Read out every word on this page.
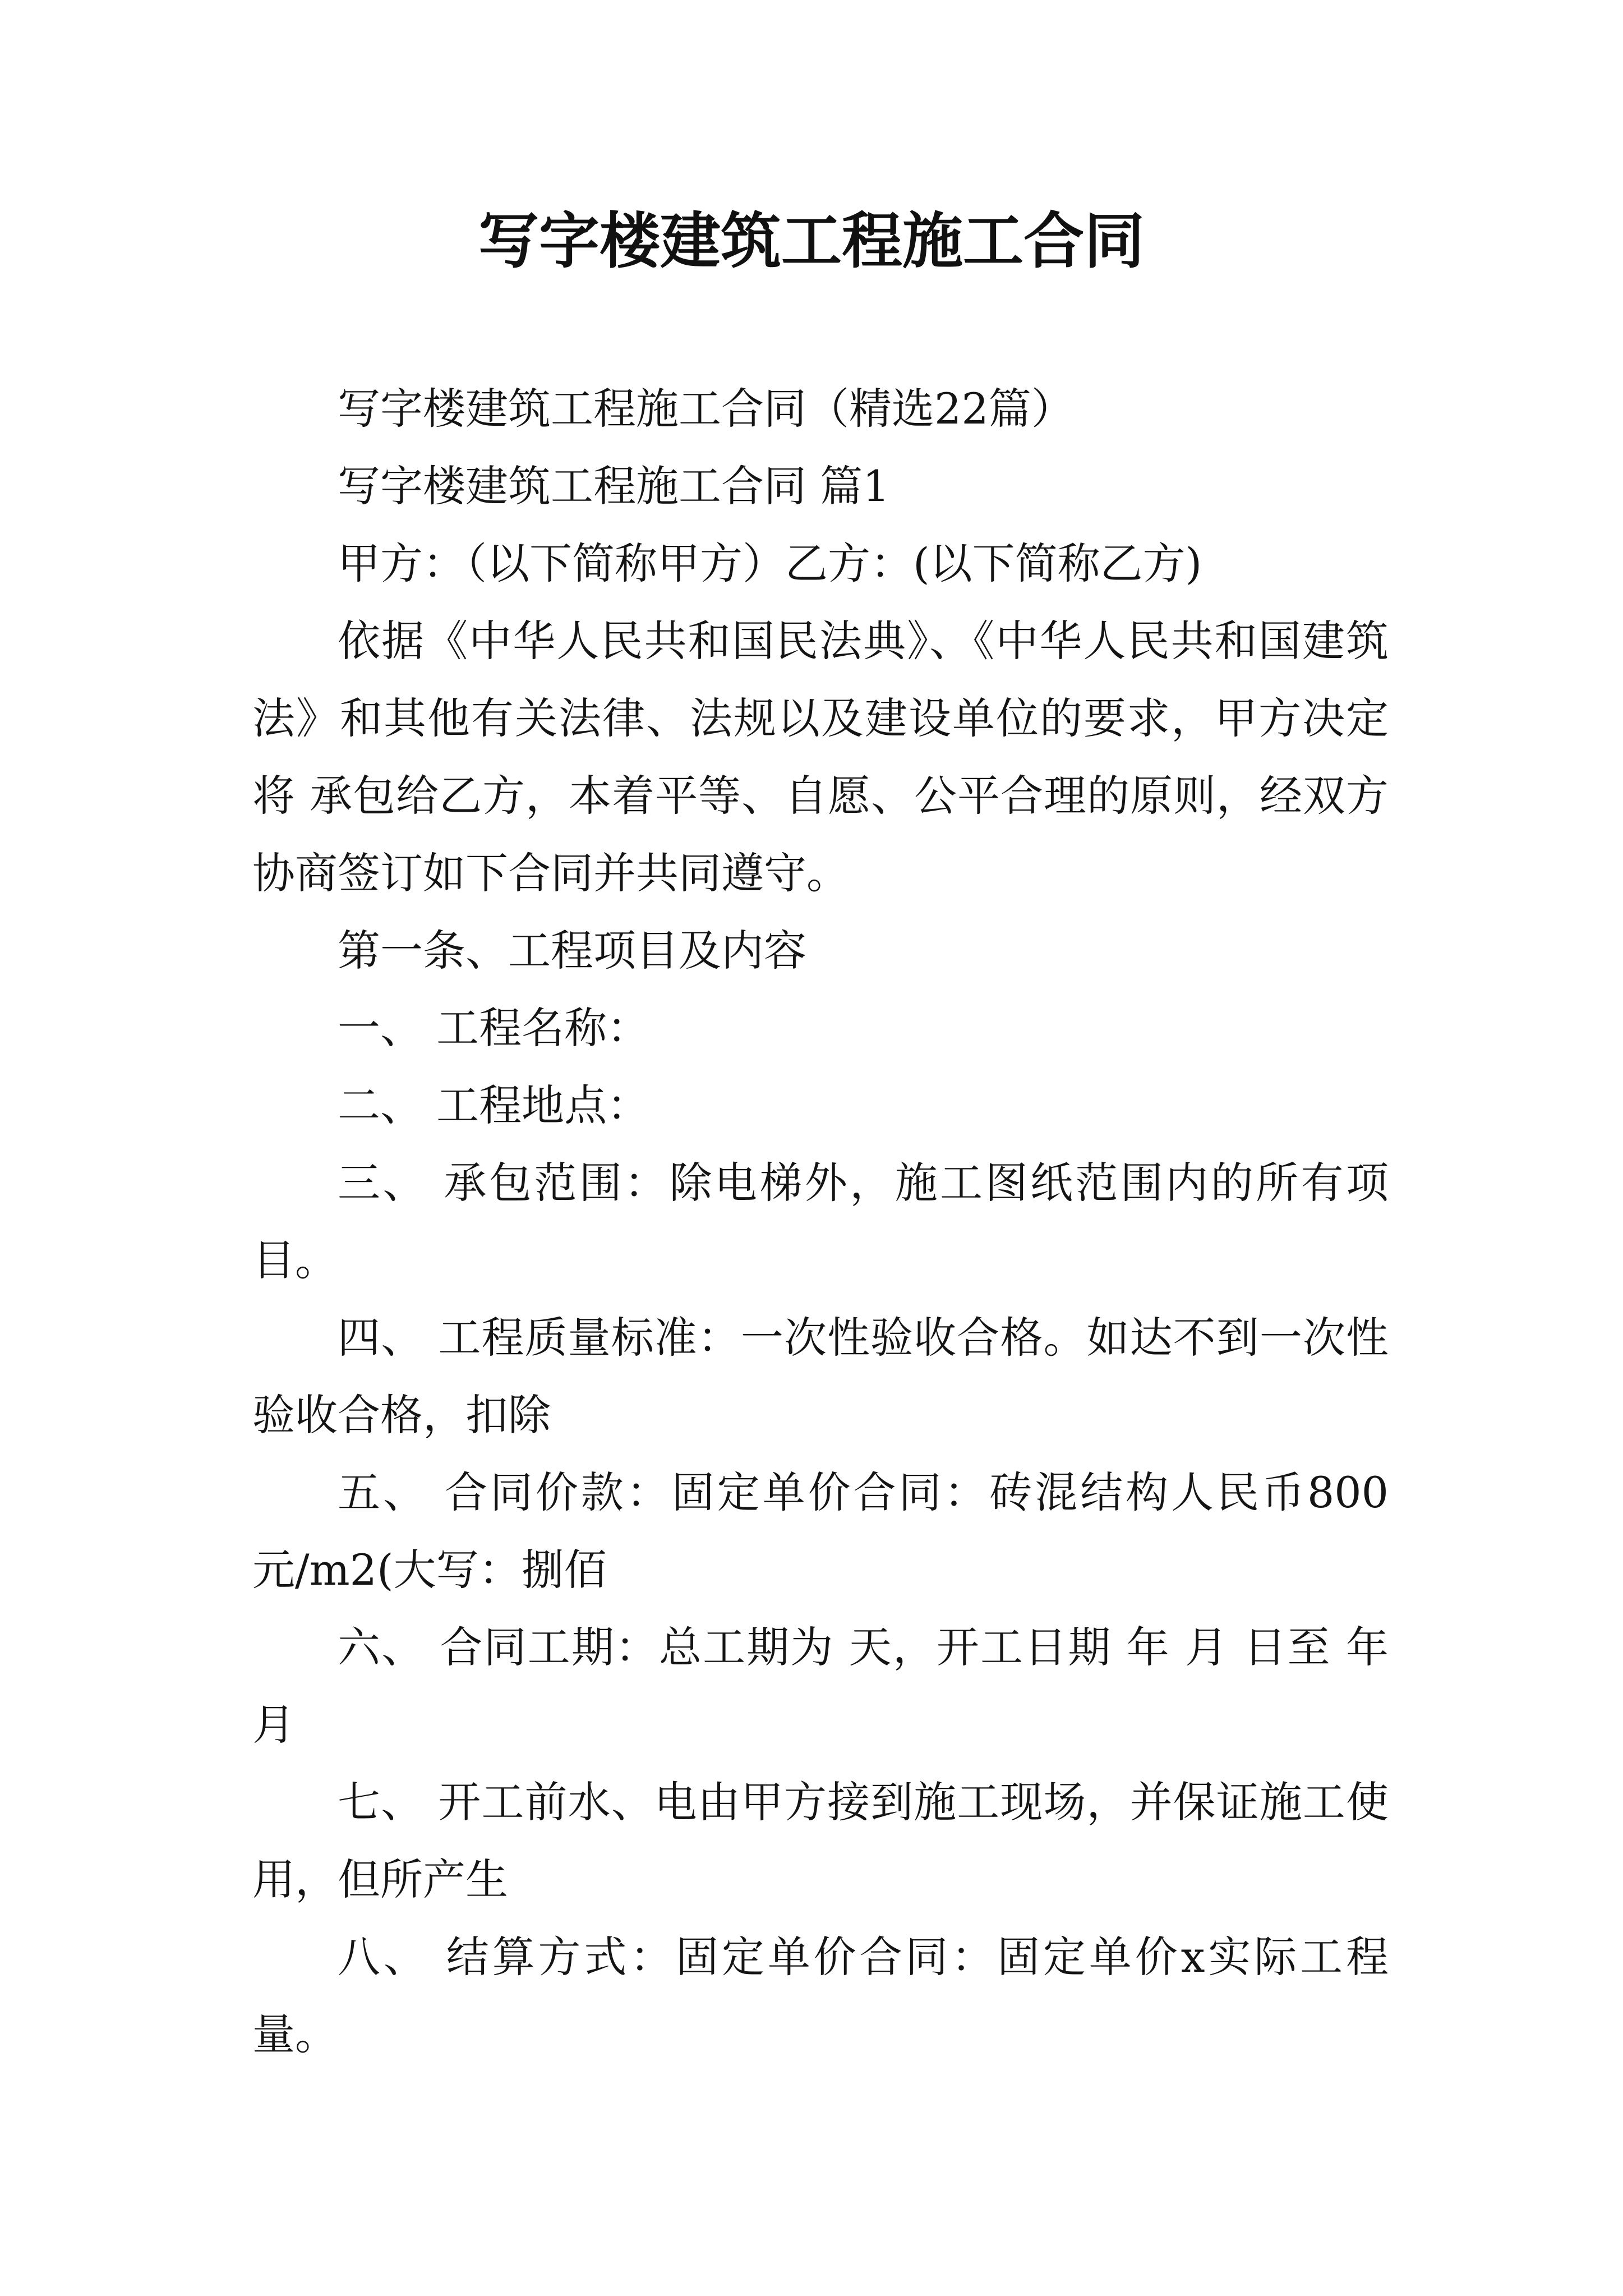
写字楼建筑工程施工合同

写字楼建筑工程施工合同（精选22篇）

写字楼建筑工程施工合同 篇1

甲方：（以下简称甲方）乙方：(以下简称乙方)

依据《中华人民共和国民法典》、《中华人民共和国建筑法》和其他有关法律、法规以及建设单位的要求，甲方决定将 承包给乙方，本着平等、自愿、公平合理的原则，经双方协商签订如下合同并共同遵守。

第一条、工程项目及内容

一、 工程名称：

二、 工程地点：

三、 承包范围：除电梯外，施工图纸范围内的所有项目。

四、 工程质量标准：一次性验收合格。如达不到一次性验收合格，扣除

五、 合同价款：固定单价合同：砖混结构人民币800元/m2(大写：捌佰

六、 合同工期：总工期为 天，开工日期 年 月 日至 年 月

七、 开工前水、电由甲方接到施工现场，并保证施工使用，但所产生

八、 结算方式：固定单价合同：固定单价x实际工程量。
